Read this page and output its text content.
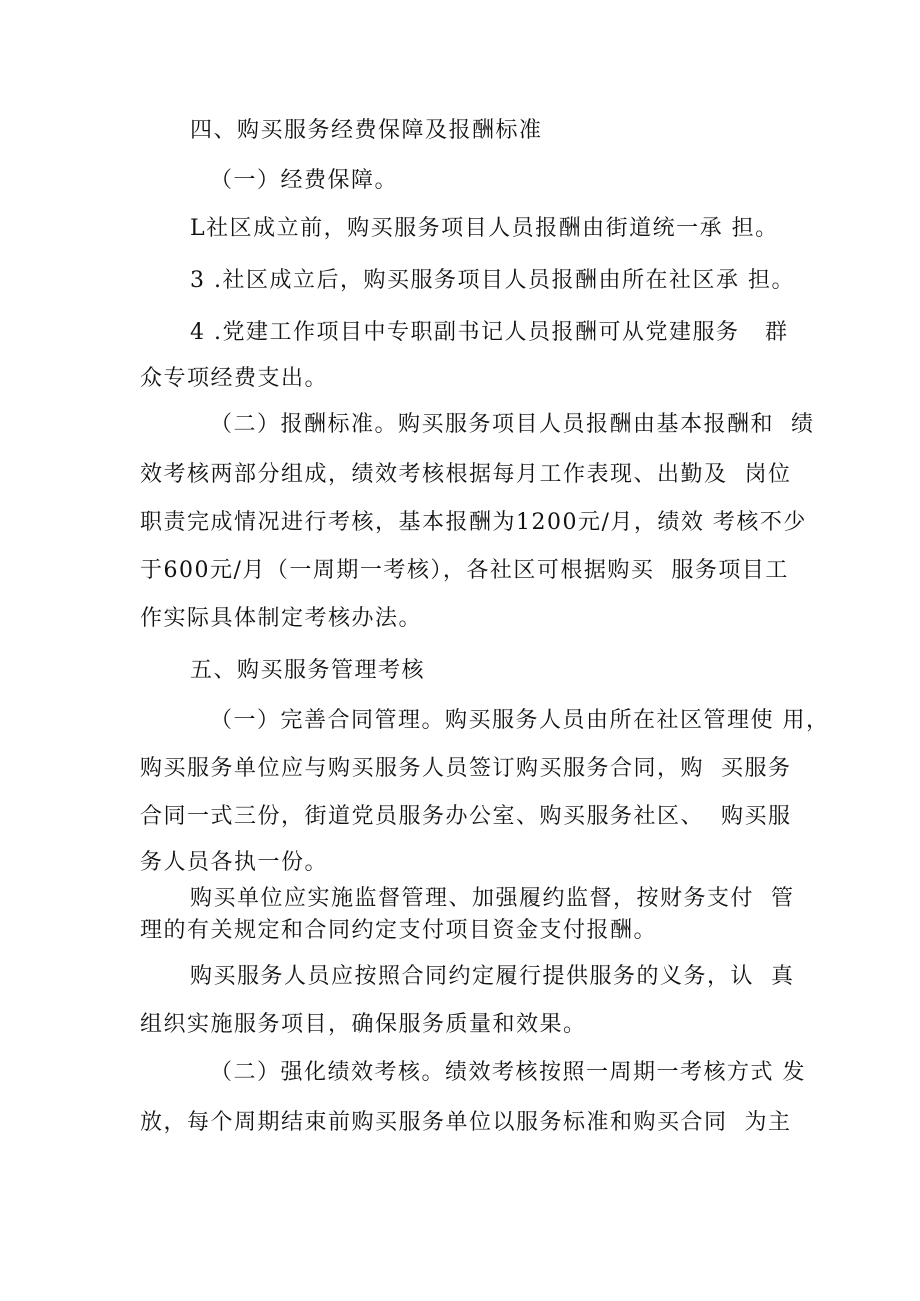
四、购买服务经费保障及报酬标准
（一）经费保障。
L社区成立前，购买服务项目人员报酬由街道统一承 担。
3 .社区成立后，购买服务项目人员报酬由所在社区承 担。
4 .党建工作项目中专职副书记人员报酬可从党建服务   群
众专项经费支出。
（二）报酬标准。购买服务项目人员报酬由基本报酬和  绩
效考核两部分组成，绩效考核根据每月工作表现、出勤及  岗位
职责完成情况进行考核，基本报酬为1200元/月，绩效 考核不少
于600元/月（一周期一考核），各社区可根据购买  服务项目工
作实际具体制定考核办法。
五、购买服务管理考核
（一）完善合同管理。购买服务人员由所在社区管理使 用，
购买服务单位应与购买服务人员签订购买服务合同，购  买服务
合同一式三份，街道党员服务办公室、购买服务社区、  购买服
务人员各执一份。
购买单位应实施监督管理、加强履约监督，按财务支付  管
理的有关规定和合同约定支付项目资金支付报酬。
购买服务人员应按照合同约定履行提供服务的义务，认  真
组织实施服务项目，确保服务质量和效果。
（二）强化绩效考核。绩效考核按照一周期一考核方式 发
放，每个周期结束前购买服务单位以服务标准和购买合同  为主
